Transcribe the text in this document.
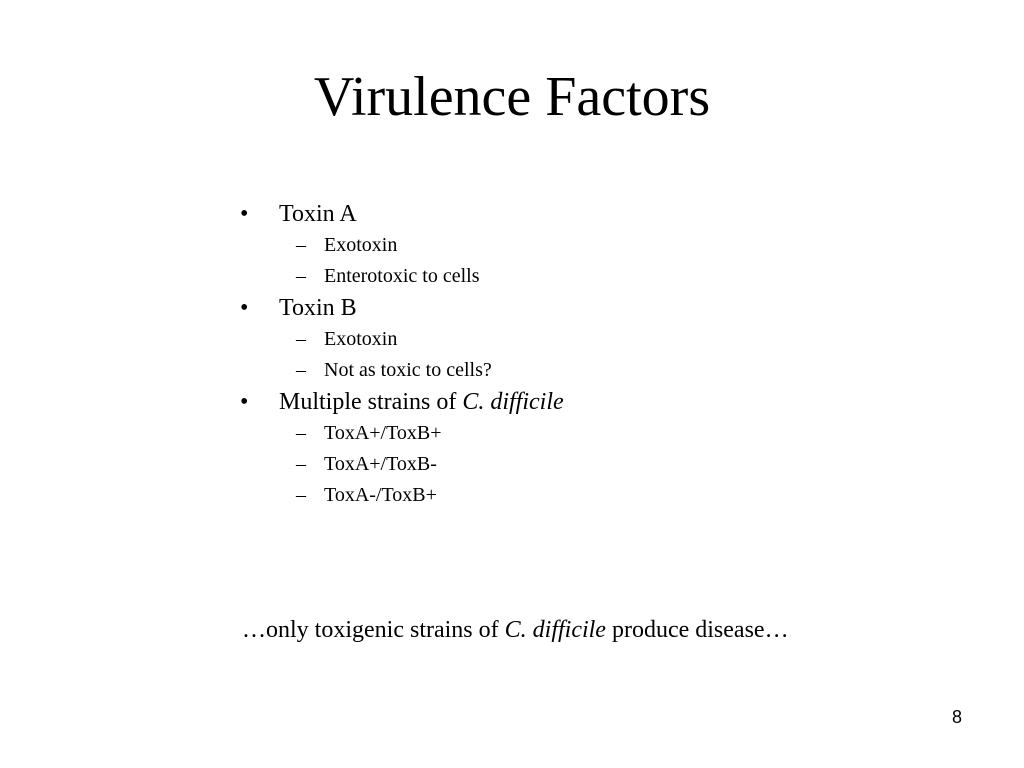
Virulence Factors
• Toxin A
– Exotoxin
– Enterotoxic to cells
• Toxin B
– Exotoxin
– Not as toxic to cells?
• Multiple strains of C. difficile
– ToxA+/ToxB+
– ToxA+/ToxB-
– ToxA-/ToxB+
…only toxigenic strains of C. difficile produce disease…
8
